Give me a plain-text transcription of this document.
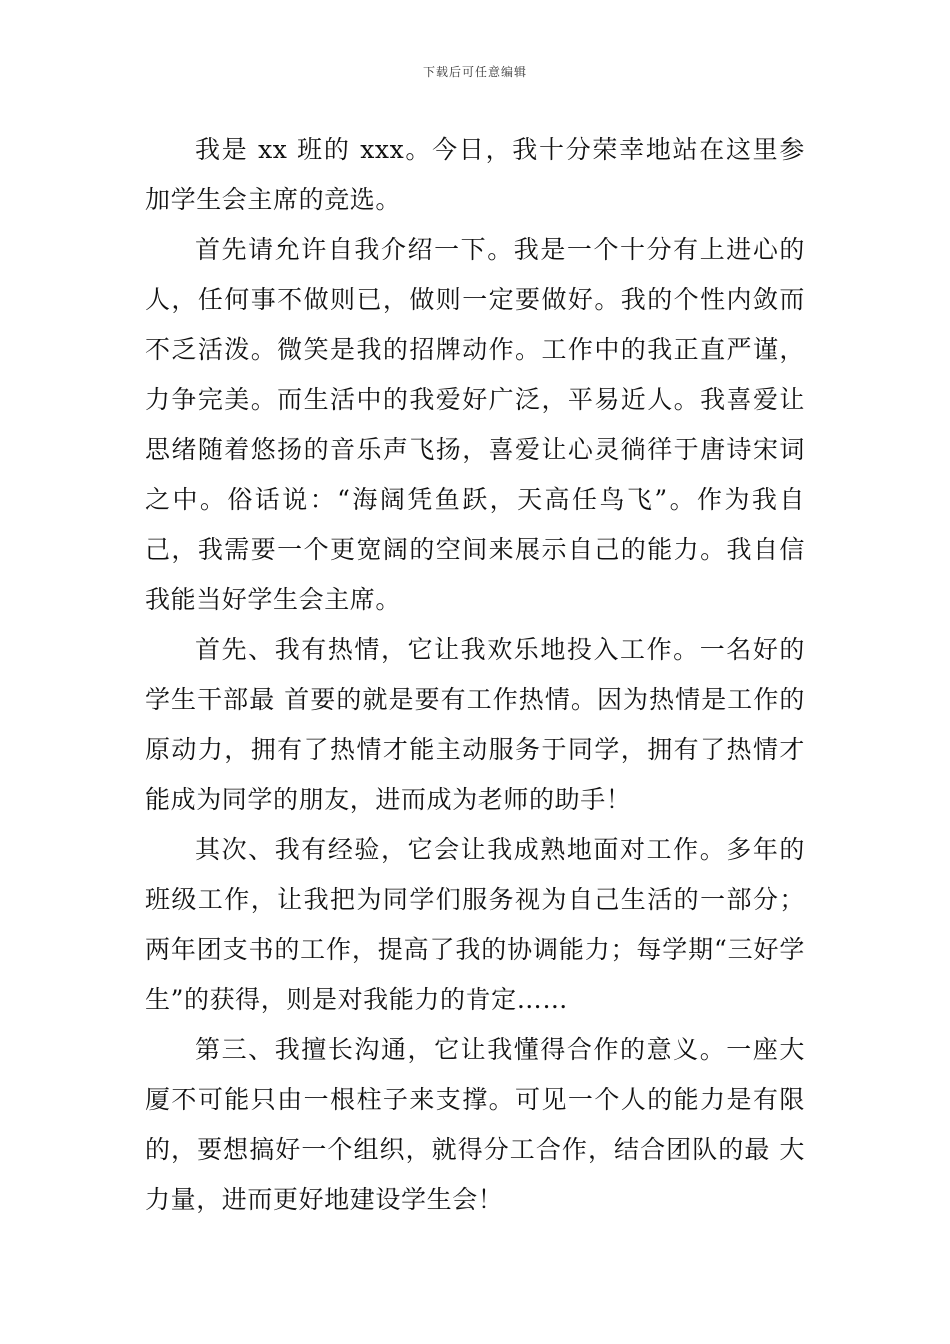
下载后可任意编辑

我是 xx 班的 xxx。今日，我十分荣幸地站在这里参加学生会主席的竞选。

首先请允许自我介绍一下。我是一个十分有上进心的人，任何事不做则已，做则一定要做好。我的个性内敛而不乏活泼。微笑是我的招牌动作。工作中的我正直严谨，力争完美。而生活中的我爱好广泛，平易近人。我喜爱让思绪随着悠扬的音乐声飞扬，喜爱让心灵徜徉于唐诗宋词之中。俗话说：“海阔凭鱼跃，天高任鸟飞”。作为我自己，我需要一个更宽阔的空间来展示自己的能力。我自信我能当好学生会主席。

首先、我有热情，它让我欢乐地投入工作。一名好的学生干部最 首要的就是要有工作热情。因为热情是工作的原动力，拥有了热情才能主动服务于同学，拥有了热情才能成为同学的朋友，进而成为老师的助手！

其次、我有经验，它会让我成熟地面对工作。多年的班级工作，让我把为同学们服务视为自己生活的一部分；两年团支书的工作，提高了我的协调能力；每学期“三好学生”的获得，则是对我能力的肯定……

第三、我擅长沟通，它让我懂得合作的意义。一座大厦不可能只由一根柱子来支撑。可见一个人的能力是有限的，要想搞好一个组织，就得分工合作，结合团队的最 大力量，进而更好地建设学生会！
